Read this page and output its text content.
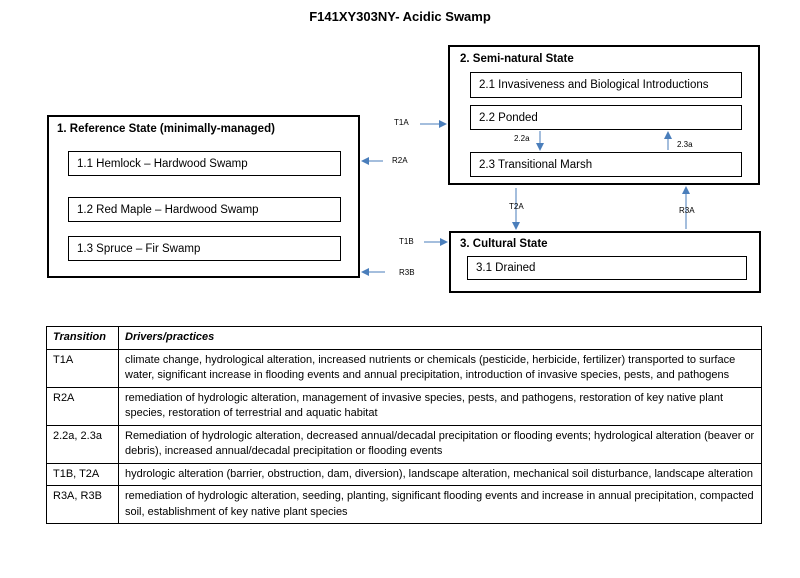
F141XY303NY- Acidic Swamp
1. Reference State (minimally-managed)
1.1 Hemlock – Hardwood Swamp
1.2 Red Maple – Hardwood Swamp
1.3 Spruce – Fir Swamp
2. Semi-natural State
2.1 Invasiveness and Biological Introductions
2.2 Ponded
2.3 Transitional Marsh
3. Cultural State
3.1 Drained
T1A
R2A
T1B
R3B
T2A	R3A
2.2a
2.3a
Transition	Drivers/practices
T1A	climate change, hydrological alteration, increased nutrients or chemicals (pesticide, herbicide, fertilizer) transported to surface water, significant increase in flooding events and annual precipitation, introduction of invasive species, pests, and pathogens
R2A	remediation of hydrologic alteration, management of invasive species, pests, and pathogens, restoration of key native plant species, restoration of terrestrial and aquatic habitat
2.2a, 2.3a	Remediation of hydrologic alteration, decreased annual/decadal precipitation or flooding events; hydrological alteration (beaver or debris), increased annual/decadal precipitation or flooding events
T1B, T2A	hydrologic alteration (barrier, obstruction, dam, diversion), landscape alteration, mechanical soil disturbance, landscape alteration
R3A, R3B	remediation of hydrologic alteration, seeding, planting, significant flooding events and increase in annual precipitation, compacted soil, establishment of key native plant species
